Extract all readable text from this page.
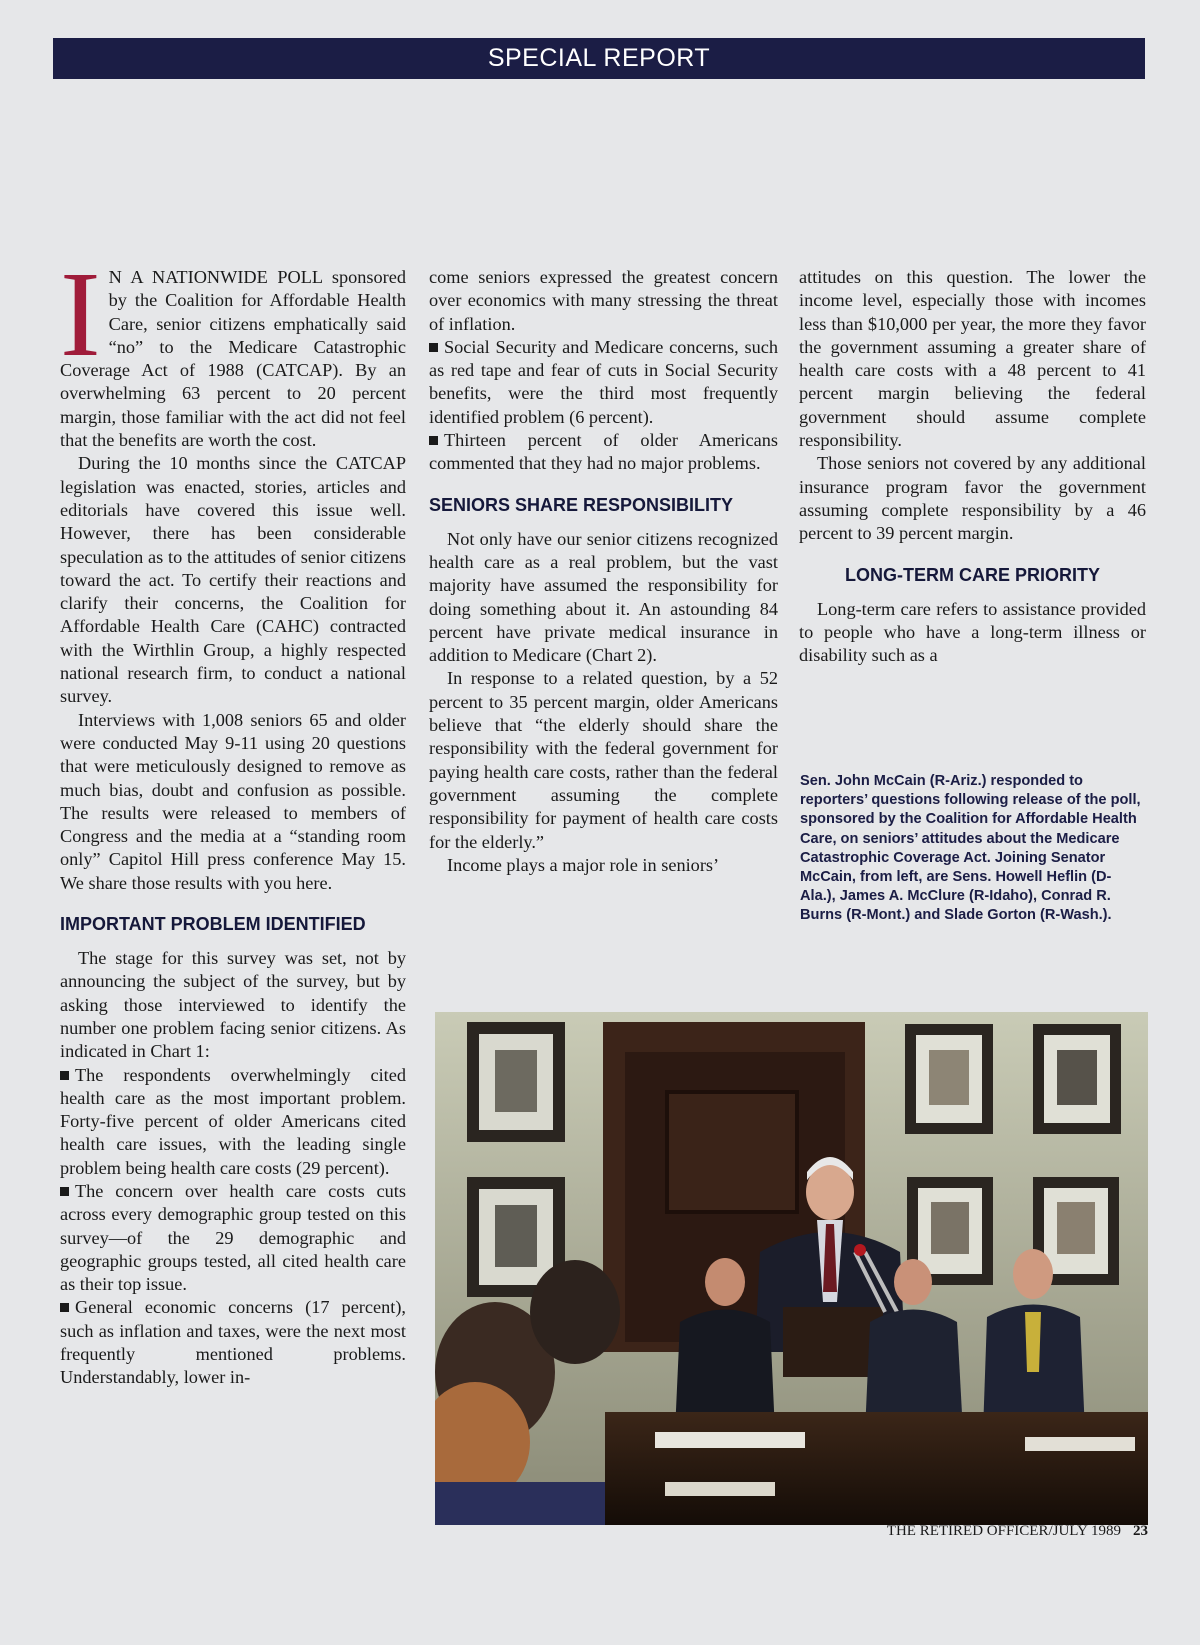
SPECIAL REPORT

I N A NATIONWIDE POLL sponsored by the Coalition for Affordable Health Care, senior citizens emphatically said “no” to the Medicare Catastrophic Coverage Act of 1988 (CATCAP). By an overwhelming 63 percent to 20 percent margin, those familiar with the act did not feel that the benefits are worth the cost.

During the 10 months since the CATCAP legislation was enacted, stories, articles and editorials have covered this issue well. However, there has been considerable speculation as to the attitudes of senior citizens toward the act. To certify their reactions and clarify their concerns, the Coalition for Affordable Health Care (CAHC) contracted with the Wirthlin Group, a highly respected national research firm, to conduct a national survey.

Interviews with 1,008 seniors 65 and older were conducted May 9-11 using 20 questions that were meticulously designed to remove as much bias, doubt and confusion as possible. The results were released to members of Congress and the media at a “standing room only” Capitol Hill press conference May 15. We share those results with you here.

IMPORTANT PROBLEM IDENTIFIED

The stage for this survey was set, not by announcing the subject of the survey, but by asking those interviewed to identify the number one problem facing senior citizens. As indicated in Chart 1:

The respondents overwhelmingly cited health care as the most important problem. Forty-five percent of older Americans cited health care issues, with the leading single problem being health care costs (29 percent).

The concern over health care costs cuts across every demographic group tested on this survey—of the 29 demographic and geographic groups tested, all cited health care as their top issue.

General economic concerns (17 percent), such as inflation and taxes, were the next most frequently mentioned problems. Understandably, lower in-

come seniors expressed the greatest concern over economics with many stressing the threat of inflation.

Social Security and Medicare concerns, such as red tape and fear of cuts in Social Security benefits, were the third most frequently identified problem (6 percent).

Thirteen percent of older Americans commented that they had no major problems.

SENIORS SHARE RESPONSIBILITY

Not only have our senior citizens recognized health care as a real problem, but the vast majority have assumed the responsibility for doing something about it. An astounding 84 percent have private medical insurance in addition to Medicare (Chart 2).

In response to a related question, by a 52 percent to 35 percent margin, older Americans believe that “the elderly should share the responsibility with the federal government for paying health care costs, rather than the federal government assuming the complete responsibility for payment of health care costs for the elderly.”

Income plays a major role in seniors’

attitudes on this question. The lower the income level, especially those with incomes less than $10,000 per year, the more they favor the government assuming a greater share of health care costs with a 48 percent to 41 percent margin believing the federal government should assume complete responsibility.

Those seniors not covered by any additional insurance program favor the government assuming complete responsibility by a 46 percent to 39 percent margin.

LONG-TERM CARE PRIORITY

Long-term care refers to assistance provided to people who have a long-term illness or disability such as a

Sen. John McCain (R-Ariz.) responded to reporters’ questions following release of the poll, sponsored by the Coalition for Affordable Health Care, on seniors’ attitudes about the Medicare Catastrophic Coverage Act. Joining Senator McCain, from left, are Sens. Howell Heflin (D-Ala.), James A. McClure (R-Idaho), Conrad R. Burns (R-Mont.) and Slade Gorton (R-Wash.).
THE RETIRED OFFICER/JULY 1989 23
